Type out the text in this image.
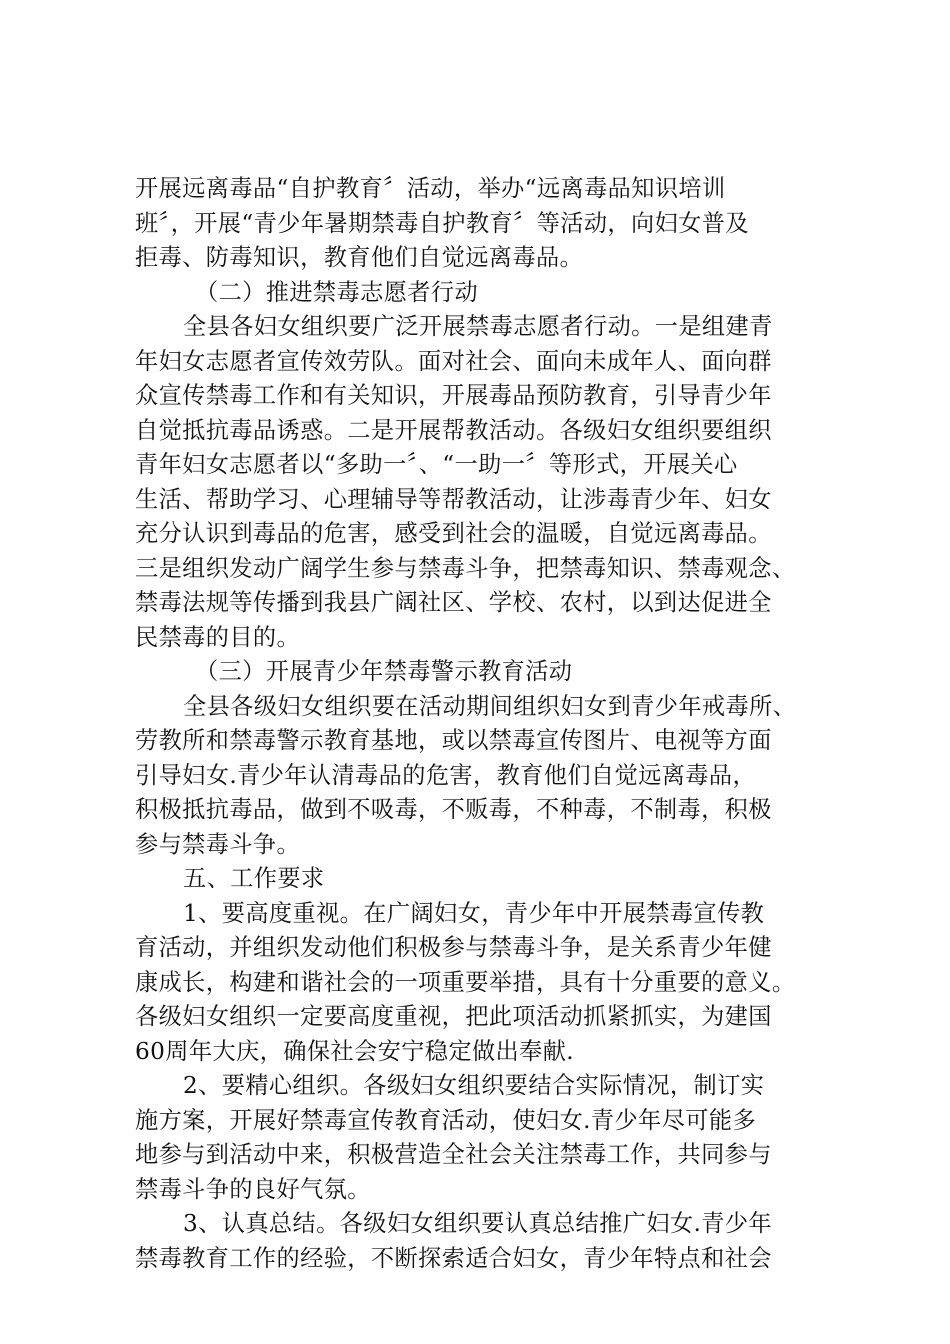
开展远离毒品“自护教育〞活动，举办“远离毒品知识培训
班〞，开展“青少年暑期禁毒自护教育〞等活动，向妇女普及
拒毒、防毒知识，教育他们自觉远离毒品。
（二）推进禁毒志愿者行动
全县各妇女组织要广泛开展禁毒志愿者行动。一是组建青
年妇女志愿者宣传效劳队。面对社会、面向未成年人、面向群
众宣传禁毒工作和有关知识，开展毒品预防教育，引导青少年
自觉抵抗毒品诱惑。二是开展帮教活动。各级妇女组织要组织
青年妇女志愿者以“多助一〞、“一助一〞等形式，开展关心
生活、帮助学习、心理辅导等帮教活动，让涉毒青少年、妇女
充分认识到毒品的危害，感受到社会的温暖，自觉远离毒品。
三是组织发动广阔学生参与禁毒斗争，把禁毒知识、禁毒观念、
禁毒法规等传播到我县广阔社区、学校、农村，以到达促进全
民禁毒的目的。
（三）开展青少年禁毒警示教育活动
全县各级妇女组织要在活动期间组织妇女到青少年戒毒所、
劳教所和禁毒警示教育基地，或以禁毒宣传图片、电视等方面
引导妇女.青少年认清毒品的危害，教育他们自觉远离毒品，
积极抵抗毒品，做到不吸毒，不贩毒，不种毒，不制毒，积极
参与禁毒斗争。
五、工作要求
1、要高度重视。在广阔妇女，青少年中开展禁毒宣传教
育活动，并组织发动他们积极参与禁毒斗争，是关系青少年健
康成长，构建和谐社会的一项重要举措，具有十分重要的意义。
各级妇女组织一定要高度重视，把此项活动抓紧抓实，为建国
60周年大庆，确保社会安宁稳定做出奉献.
2、要精心组织。各级妇女组织要结合实际情况，制订实
施方案，开展好禁毒宣传教育活动，使妇女.青少年尽可能多
地参与到活动中来，积极营造全社会关注禁毒工作，共同参与
禁毒斗争的良好气氛。
3、认真总结。各级妇女组织要认真总结推广妇女.青少年
禁毒教育工作的经验，不断探索适合妇女，青少年特点和社会
